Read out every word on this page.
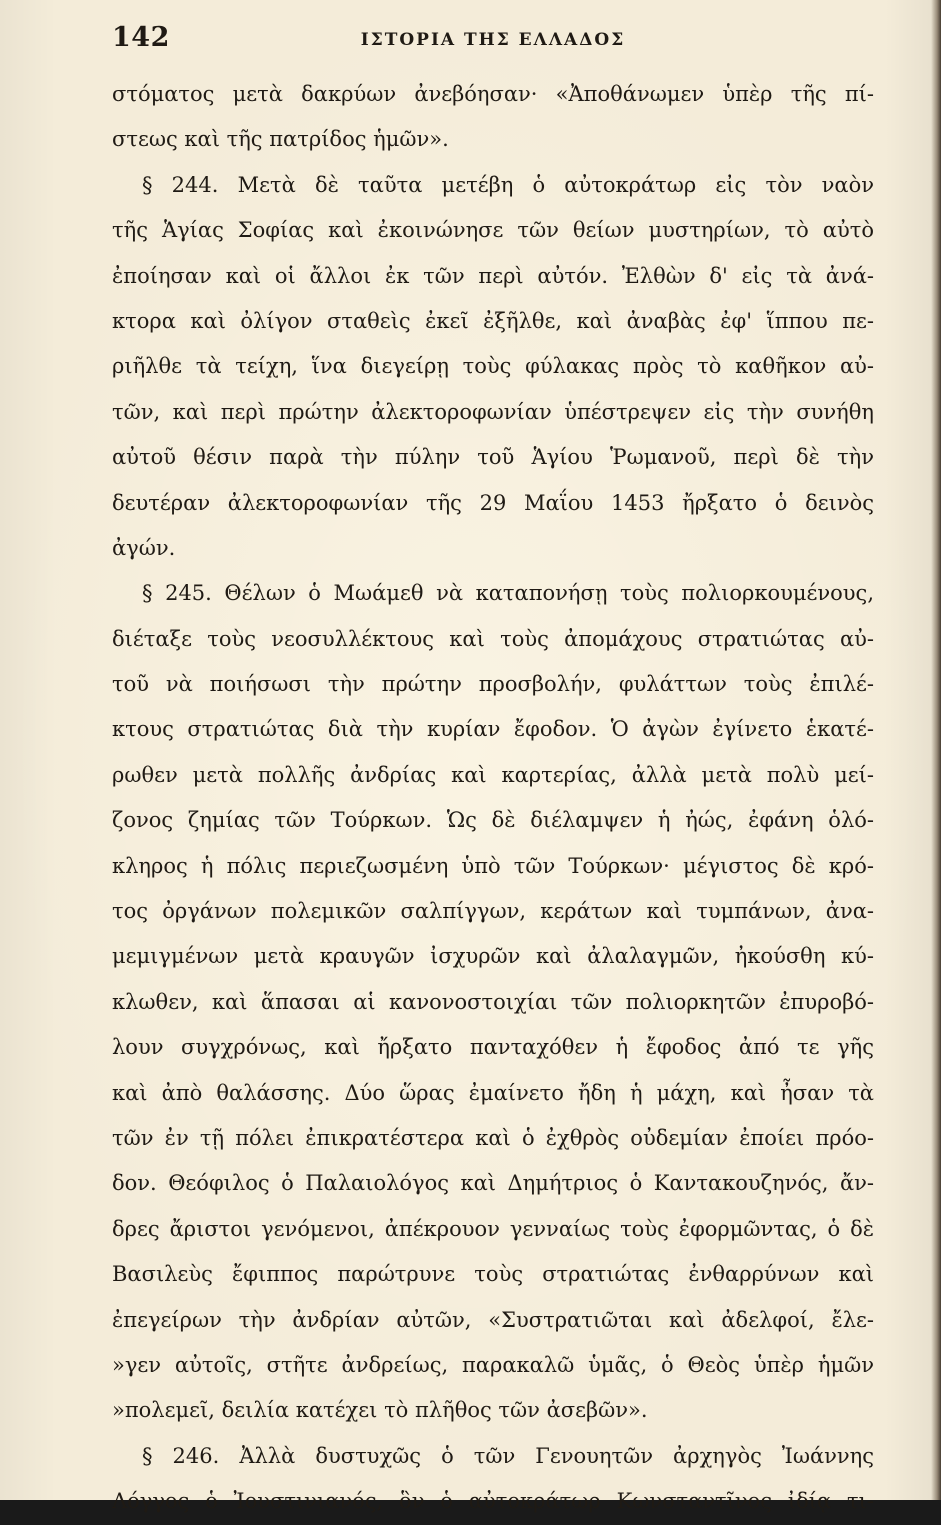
142	ΙΣΤΟΡΙΑ ΤΗΣ ΕΛΛΑΔΟΣ
στόματος μετὰ δακρύων ἀνεβόησαν· «Ἀποθάνωμεν ὑπὲρ τῆς πί-
στεως καὶ τῆς πατρίδος ἡμῶν».
§ 244. Μετὰ δὲ ταῦτα μετέβη ὁ αὐτοκράτωρ εἰς τὸν ναὸν
τῆς Ἁγίας Σοφίας καὶ ἐκοινώνησε τῶν θείων μυστηρίων, τὸ αὐτὸ
ἐποίησαν καὶ οἱ ἄλλοι ἐκ τῶν περὶ αὐτόν. Ἐλθὼν δ' εἰς τὰ ἀνά-
κτορα καὶ ὀλίγον σταθεὶς ἐκεῖ ἐξῆλθε, καὶ ἀναβὰς ἐφ' ἵππου πε-
ριῆλθε τὰ τείχη, ἵνα διεγείρῃ τοὺς φύλακας πρὸς τὸ καθῆκον αὐ-
τῶν, καὶ περὶ πρώτην ἀλεκτοροφωνίαν ὑπέστρεψεν εἰς τὴν συνήθη
αὐτοῦ θέσιν παρὰ τὴν πύλην τοῦ Ἁγίου Ῥωμανοῦ, περὶ δὲ τὴν
δευτέραν ἀλεκτοροφωνίαν τῆς 29 Μαΐου 1453 ἤρξατο ὁ δεινὸς
ἀγών.
§ 245. Θέλων ὁ Μωάμεθ νὰ καταπονήσῃ τοὺς πολιορκουμένους,
διέταξε τοὺς νεοσυλλέκτους καὶ τοὺς ἀπομάχους στρατιώτας αὐ-
τοῦ νὰ ποιήσωσι τὴν πρώτην προσβολήν, φυλάττων τοὺς ἐπιλέ-
κτους στρατιώτας διὰ τὴν κυρίαν ἔφοδον. Ὁ ἀγὼν ἐγίνετο ἑκατέ-
ρωθεν μετὰ πολλῆς ἀνδρίας καὶ καρτερίας, ἀλλὰ μετὰ πολὺ μεί-
ζονος ζημίας τῶν Τούρκων. Ὡς δὲ διέλαμψεν ἡ ἠώς, ἐφάνη ὁλό-
κληρος ἡ πόλις περιεζωσμένη ὑπὸ τῶν Τούρκων· μέγιστος δὲ κρό-
τος ὀργάνων πολεμικῶν σαλπίγγων, κεράτων καὶ τυμπάνων, ἀνα-
μεμιγμένων μετὰ κραυγῶν ἰσχυρῶν καὶ ἀλαλαγμῶν, ἠκούσθη κύ-
κλωθεν, καὶ ἅπασαι αἱ κανονοστοιχίαι τῶν πολιορκητῶν ἐπυροβό-
λουν συγχρόνως, καὶ ἤρξατο πανταχόθεν ἡ ἔφοδος ἀπό τε γῆς
καὶ ἀπὸ θαλάσσης. Δύο ὥρας ἐμαίνετο ἤδη ἡ μάχη, καὶ ἦσαν τὰ
τῶν ἐν τῇ πόλει ἐπικρατέστερα καὶ ὁ ἐχθρὸς οὐδεμίαν ἐποίει πρόο-
δον. Θεόφιλος ὁ Παλαιολόγος καὶ Δημήτριος ὁ Καντακουζηνός, ἄν-
δρες ἄριστοι γενόμενοι, ἀπέκρουον γενναίως τοὺς ἐφορμῶντας, ὁ δὲ
Βασιλεὺς ἔφιππος παρώτρυνε τοὺς στρατιώτας ἐνθαρρύνων καὶ
ἐπεγείρων τὴν ἀνδρίαν αὐτῶν, «Συστρατιῶται καὶ ἀδελφοί, ἔλε-
»γεν αὐτοῖς, στῆτε ἀνδρείως, παρακαλῶ ὑμᾶς, ὁ Θεὸς ὑπὲρ ἡμῶν
»πολεμεῖ, δειλία κατέχει τὸ πλῆθος τῶν ἀσεβῶν».
§ 246. Ἀλλὰ δυστυχῶς ὁ τῶν Γενουητῶν ἀρχηγὸς Ἰωάννης
Λόγγος ὁ Ἰουστινιανός, ὃν ὁ αὐτοκράτωρ Κωνσταντῖνος ἰδίᾳ τι-
